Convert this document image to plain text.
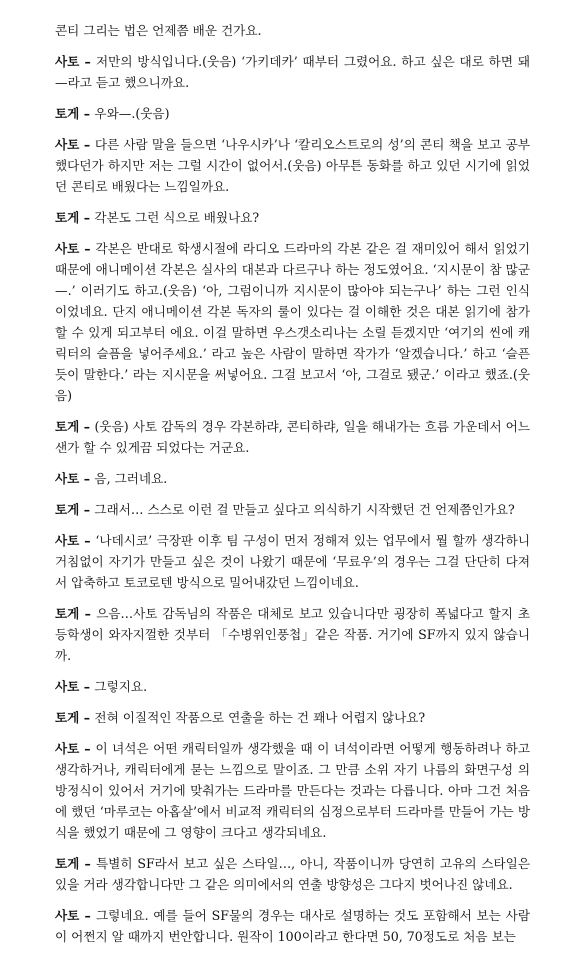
콘티 그리는 법은 언제쯤 배운 건가요.

사토 – 저만의 방식입니다.(웃음) ‘가키데카’ 때부터 그렸어요. 하고 싶은 대로 하면 돼—라고 듣고 했으니까요.

토게 – 우와—.(웃음)

사토 – 다른 사람 말을 들으면 ‘나우시카’나 ‘칼리오스트로의 성’의 콘티 책을 보고 공부했다던가 하지만 저는 그럴 시간이 없어서.(웃음) 아무튼 동화를 하고 있던 시기에 읽었던 콘티로 배웠다는 느낌일까요.

토게 – 각본도 그런 식으로 배웠나요?

사토 – 각본은 반대로 학생시절에 라디오 드라마의 각본 같은 걸 재미있어 해서 읽었기 때문에 애니메이션 각본은 실사의 대본과 다르구나 하는 정도였어요. ‘지시문이 참 많군—.’ 이러기도 하고.(웃음) ‘아, 그럼이니까 지시문이 많아야 되는구나’ 하는 그런 인식이었네요. 단지 애니메이션 각본 독자의 룰이 있다는 걸 이해한 것은 대본 읽기에 참가할 수 있게 되고부터 에요. 이걸 말하면 우스갯소리나는 소릴 듣겠지만 ‘여기의 씬에 캐릭터의 슬픔을 넣어주세요.’ 라고 높은 사람이 말하면 작가가 ‘알겠습니다.’ 하고 ‘슬픈 듯이 말한다.’ 라는 지시문을 써넣어요. 그걸 보고서 ‘아, 그걸로 됐군.’ 이라고 했죠.(웃음)

토게 – (웃음) 사토 감독의 경우 각본하랴, 콘티하랴, 일을 해내가는 흐름 가운데서 어느 샌가 할 수 있게끔 되었다는 거군요.

사토 – 음, 그러네요.

토게 – 그래서… 스스로 이런 걸 만들고 싶다고 의식하기 시작했던 건 언제쯤인가요?

사토 – ‘나데시코’ 극장판 이후 팀 구성이 먼저 정해져 있는 업무에서 뭘 할까 생각하니 거침없이 자기가 만들고 싶은 것이 나왔기 때문에 ‘무료우’의 경우는 그걸 단단히 다져서 압축하고 토코로텐 방식으로 밀어내갔던 느낌이네요.

토게 – 으음…사토 감독님의 작품은 대체로 보고 있습니다만 굉장히 폭넓다고 할지 초등학생이 와자지껄한 것부터 「수병위인풍첩」같은 작품. 거기에 SF까지 있지 않습니까.

사토 – 그렇지요.

토게 – 전혀 이질적인 작품으로 연출을 하는 건 꽤나 어렵지 않나요?

사토 – 이 녀석은 어떤 캐릭터일까 생각했을 때 이 녀석이라면 어떻게 행동하려나 하고 생각하거나, 캐릭터에게 묻는 느낌으로 말이죠. 그 만큼 소위 자기 나름의 화면구성 의방정식이 있어서 거기에 맞춰가는 드라마를 만든다는 것과는 다릅니다. 아마 그건 처음에 했던 ‘마루코는 아홉살’에서 비교적 캐릭터의 심정으로부터 드라마를 만들어 가는 방식을 했었기 때문에 그 영향이 크다고 생각되네요.

토게 – 특별히 SF라서 보고 싶은 스타일…, 아니, 작품이니까 당연히 고유의 스타일은 있을 거라 생각합니다만 그 같은 의미에서의 연출 방향성은 그다지 벗어나진 않네요.

사토 – 그렇네요. 예를 들어 SF물의 경우는 대사로 설명하는 것도 포함해서 보는 사람이 어쩐지 알 때까지 번안합니다. 원작이 100이라고 한다면 50, 70정도로 처음 보는
